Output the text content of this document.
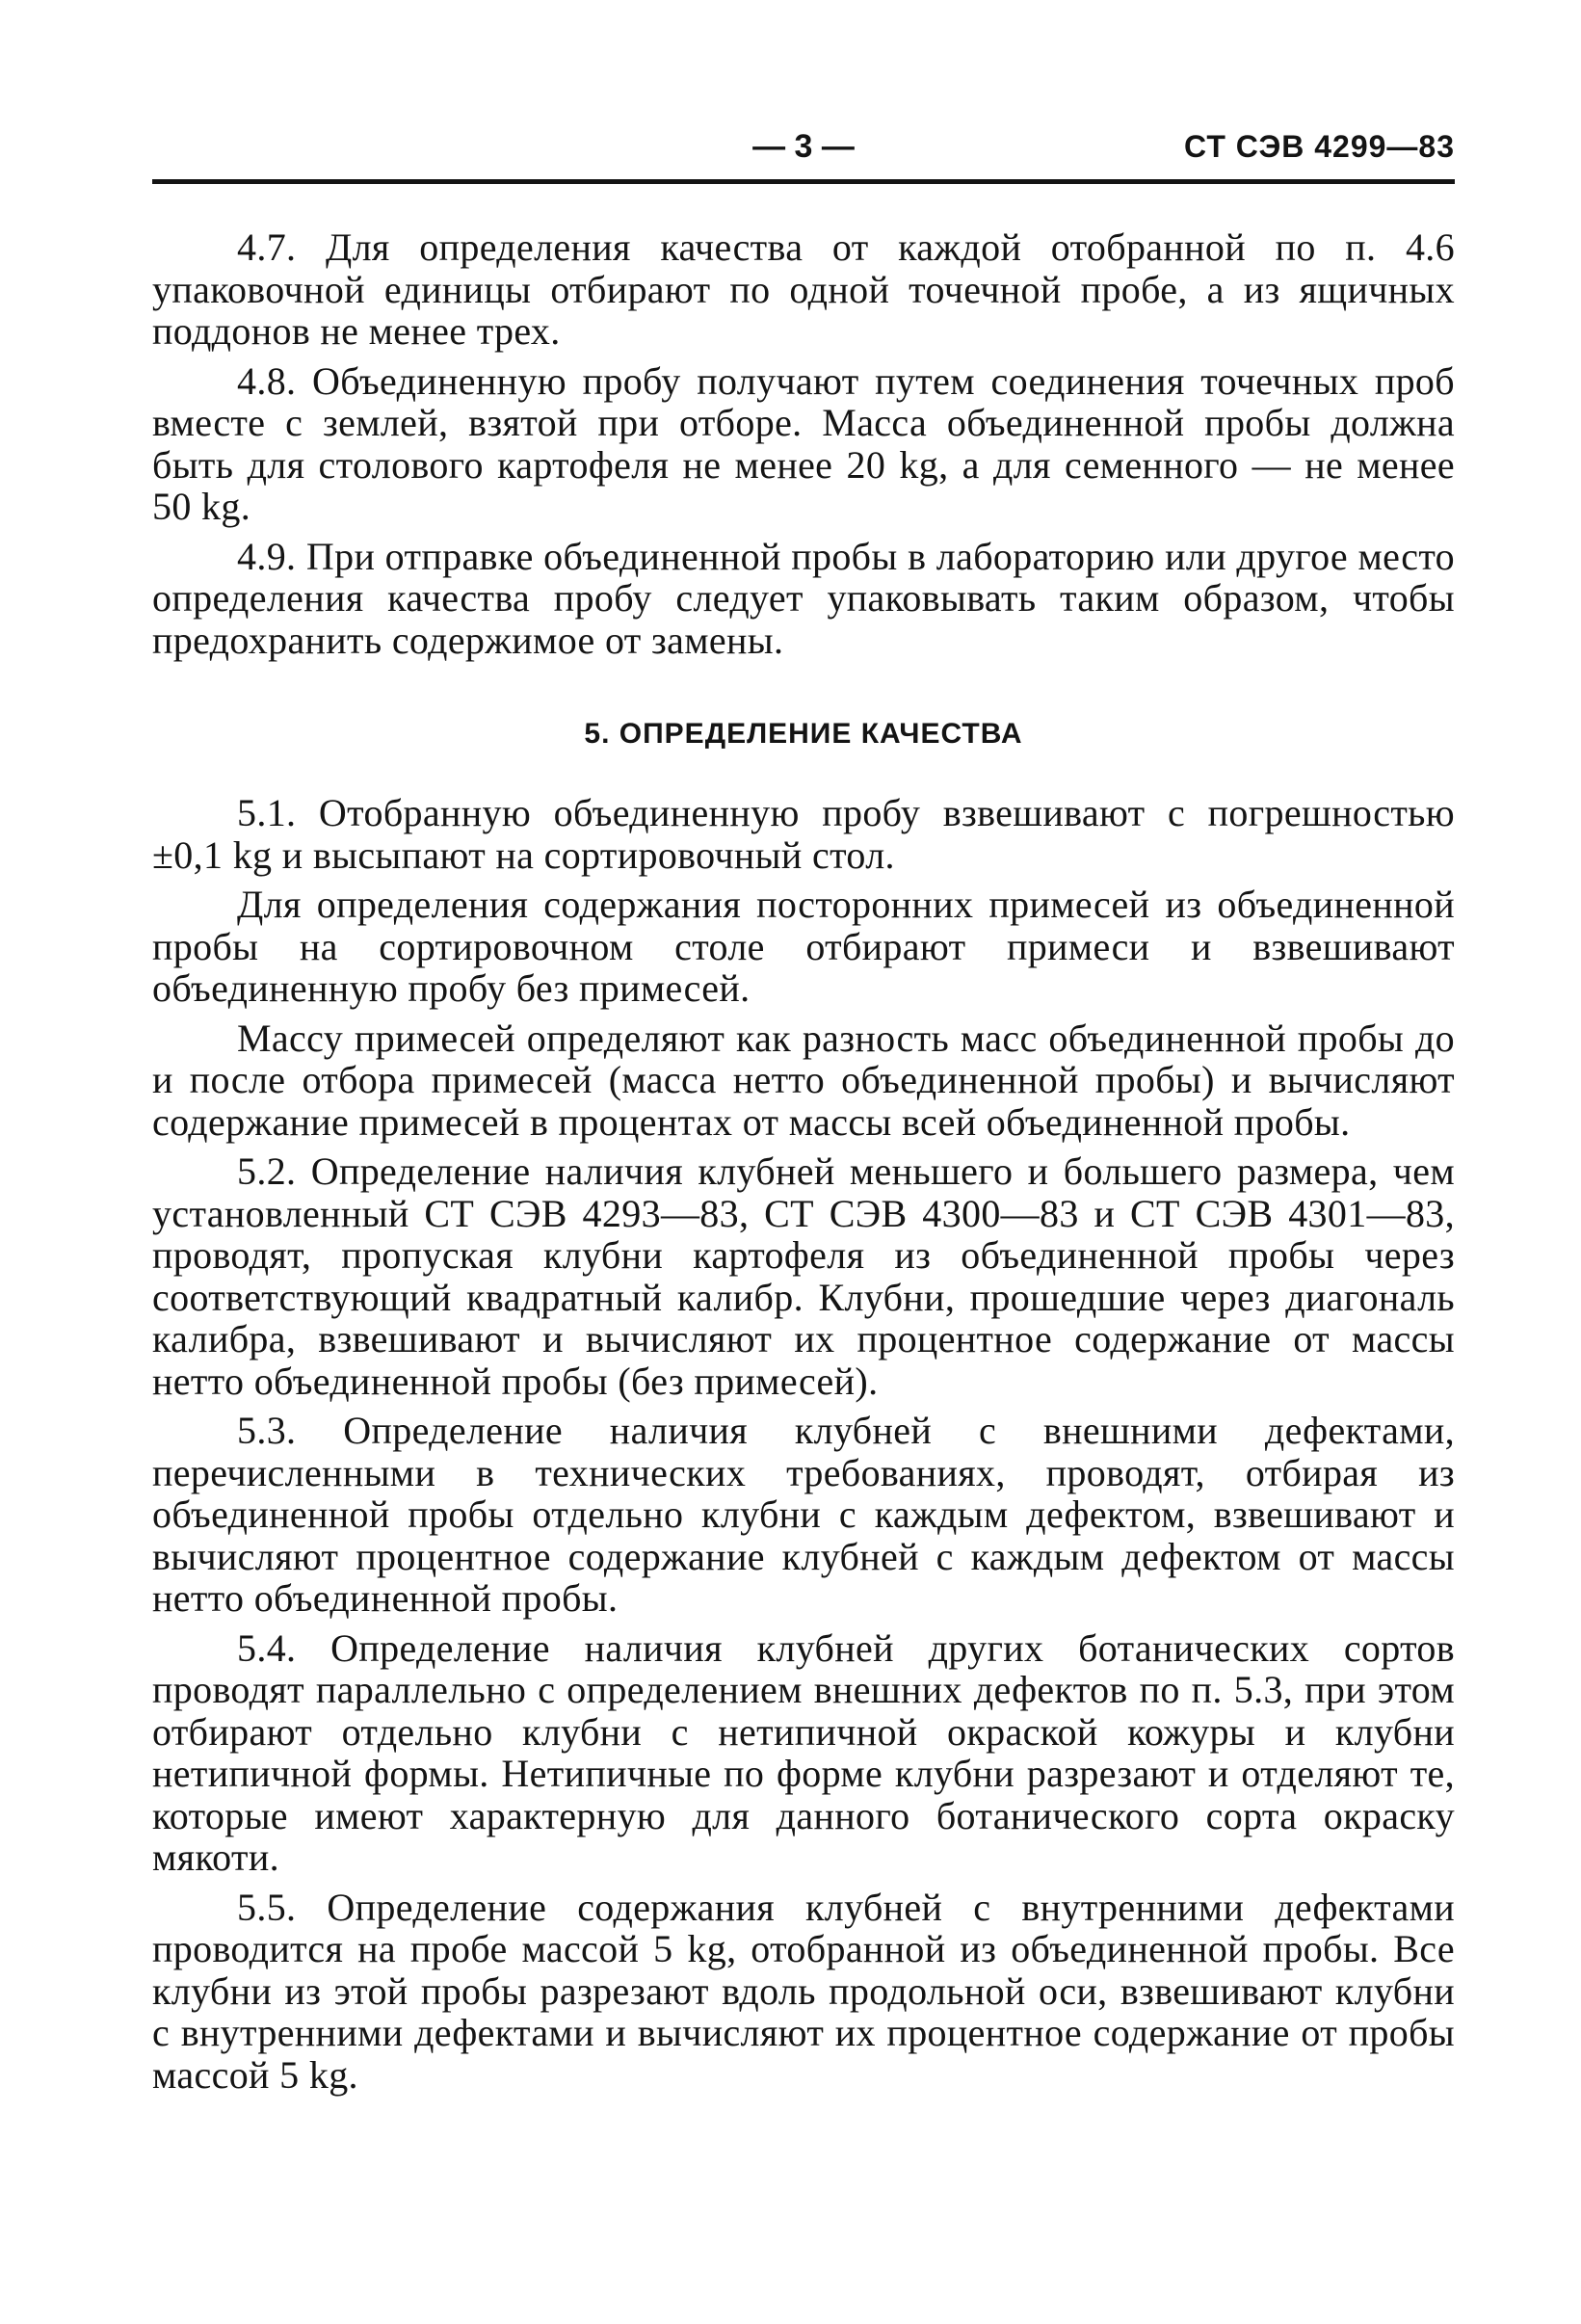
— 3 —	СТ СЭВ 4299—83

4.7. Для определения качества от каждой отобранной по п. 4.6 упаковочной единицы отбирают по одной точечной пробе, а из ящичных поддонов не менее трех.

4.8. Объединенную пробу получают путем соединения точечных проб вместе с землей, взятой при отборе. Масса объединенной пробы должна быть для столового картофеля не менее 20 kg, а для семенного — не менее 50 kg.

4.9. При отправке объединенной пробы в лабораторию или другое место определения качества пробу следует упаковывать таким образом, чтобы предохранить содержимое от замены.

5. ОПРЕДЕЛЕНИЕ КАЧЕСТВА

5.1. Отобранную объединенную пробу взвешивают с погрешностью ±0,1 kg и высыпают на сортировочный стол.

Для определения содержания посторонних примесей из объединенной пробы на сортировочном столе отбирают примеси и взвешивают объединенную пробу без примесей.

Массу примесей определяют как разность масс объединенной пробы до и после отбора примесей (масса нетто объединенной пробы) и вычисляют содержание примесей в процентах от массы всей объединенной пробы.

5.2. Определение наличия клубней меньшего и большего размера, чем установленный СТ СЭВ 4293—83, СТ СЭВ 4300—83 и СТ СЭВ 4301—83, проводят, пропуская клубни картофеля из объединенной пробы через соответствующий квадратный калибр. Клубни, прошедшие через диагональ калибра, взвешивают и вычисляют их процентное содержание от массы нетто объединенной пробы (без примесей).

5.3. Определение наличия клубней с внешними дефектами, перечисленными в технических требованиях, проводят, отбирая из объединенной пробы отдельно клубни с каждым дефектом, взвешивают и вычисляют процентное содержание клубней с каждым дефектом от массы нетто объединенной пробы.

5.4. Определение наличия клубней других ботанических сортов проводят параллельно с определением внешних дефектов по п. 5.3, при этом отбирают отдельно клубни с нетипичной окраской кожуры и клубни нетипичной формы. Нетипичные по форме клубни разрезают и отделяют те, которые имеют характерную для данного ботанического сорта окраску мякоти.

5.5. Определение содержания клубней с внутренними дефектами проводится на пробе массой 5 kg, отобранной из объединенной пробы. Все клубни из этой пробы разрезают вдоль продольной оси, взвешивают клубни с внутренними дефектами и вычисляют их процентное содержание от пробы массой 5 kg.
